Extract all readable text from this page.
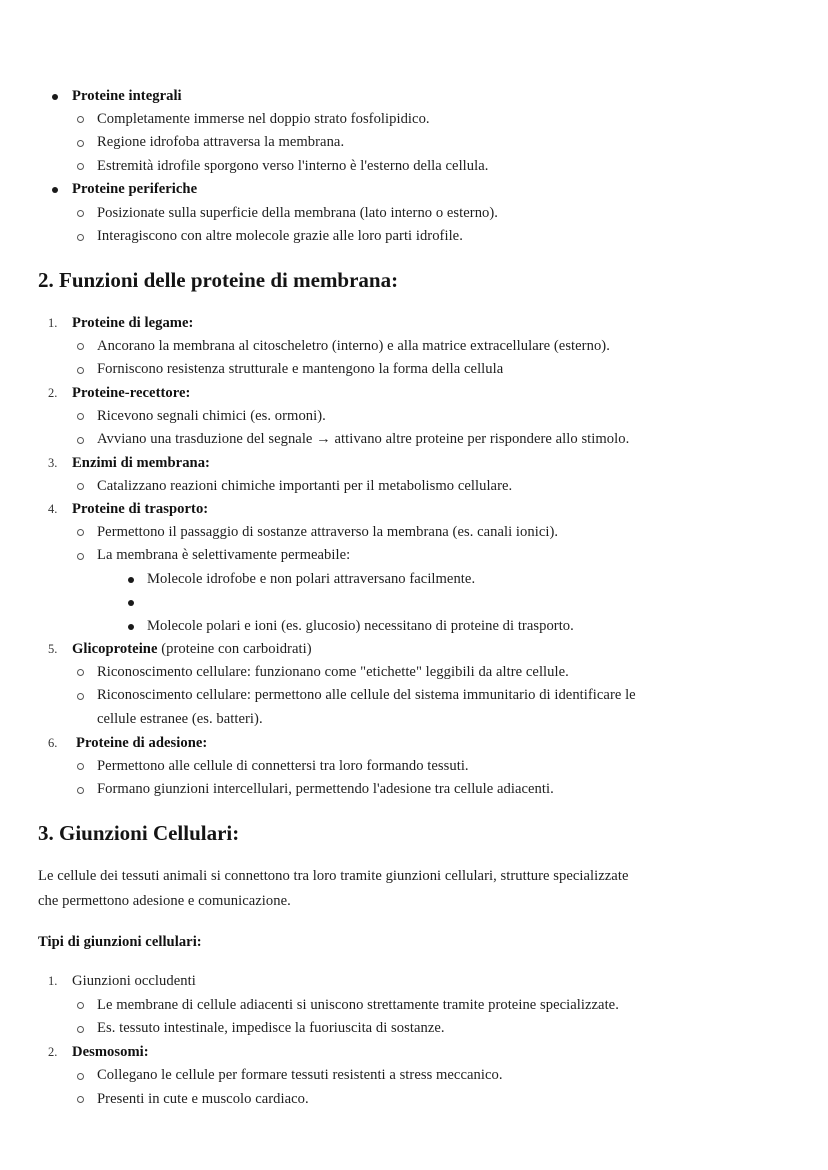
Proteine integrali
Completamente immerse nel doppio strato fosfolipidico.
Regione idrofoba attraversa la membrana.
Estremità idrofile sporgono verso l'interno è l'esterno della cellula.
Proteine periferiche
Posizionate sulla superficie della membrana (lato interno o esterno).
Interagiscono con altre molecole grazie alle loro parti idrofile.
2. Funzioni delle proteine di membrana:
1. Proteine di legame:
Ancorano la membrana al citoscheletro (interno) e alla matrice extracellulare (esterno).
Forniscono resistenza strutturale e mantengono la forma della cellula
2. Proteine-recettore:
Ricevono segnali chimici (es. ormoni).
Avviano una trasduzione del segnale → attivano altre proteine per rispondere allo stimolo.
3. Enzimi di membrana:
Catalizzano reazioni chimiche importanti per il metabolismo cellulare.
4. Proteine di trasporto:
Permettono il passaggio di sostanze attraverso la membrana (es. canali ionici).
La membrana è selettivamente permeabile:
Molecole idrofobe e non polari attraversano facilmente.
Molecole polari e ioni (es. glucosio) necessitano di proteine di trasporto.
5. Glicoproteine (proteine con carboidrati)
Riconoscimento cellulare: funzionano come "etichette" leggibili da altre cellule.
Riconoscimento cellulare: permettono alle cellule del sistema immunitario di identificare le
cellule estranee (es. batteri).
6. Proteine di adesione:
Permettono alle cellule di connettersi tra loro formando tessuti.
Formano giunzioni intercellulari, permettendo l'adesione tra cellule adiacenti.
3. Giunzioni Cellulari:
Le cellule dei tessuti animali si connettono tra loro tramite giunzioni cellulari, strutture specializzate
che permettono adesione e comunicazione.
Tipi di giunzioni cellulari:
1. Giunzioni occludenti
Le membrane di cellule adiacenti si uniscono strettamente tramite proteine specializzate.
Es. tessuto intestinale, impedisce la fuoriuscita di sostanze.
2. Desmosomi:
Collegano le cellule per formare tessuti resistenti a stress meccanico.
Presenti in cute e muscolo cardiaco.
